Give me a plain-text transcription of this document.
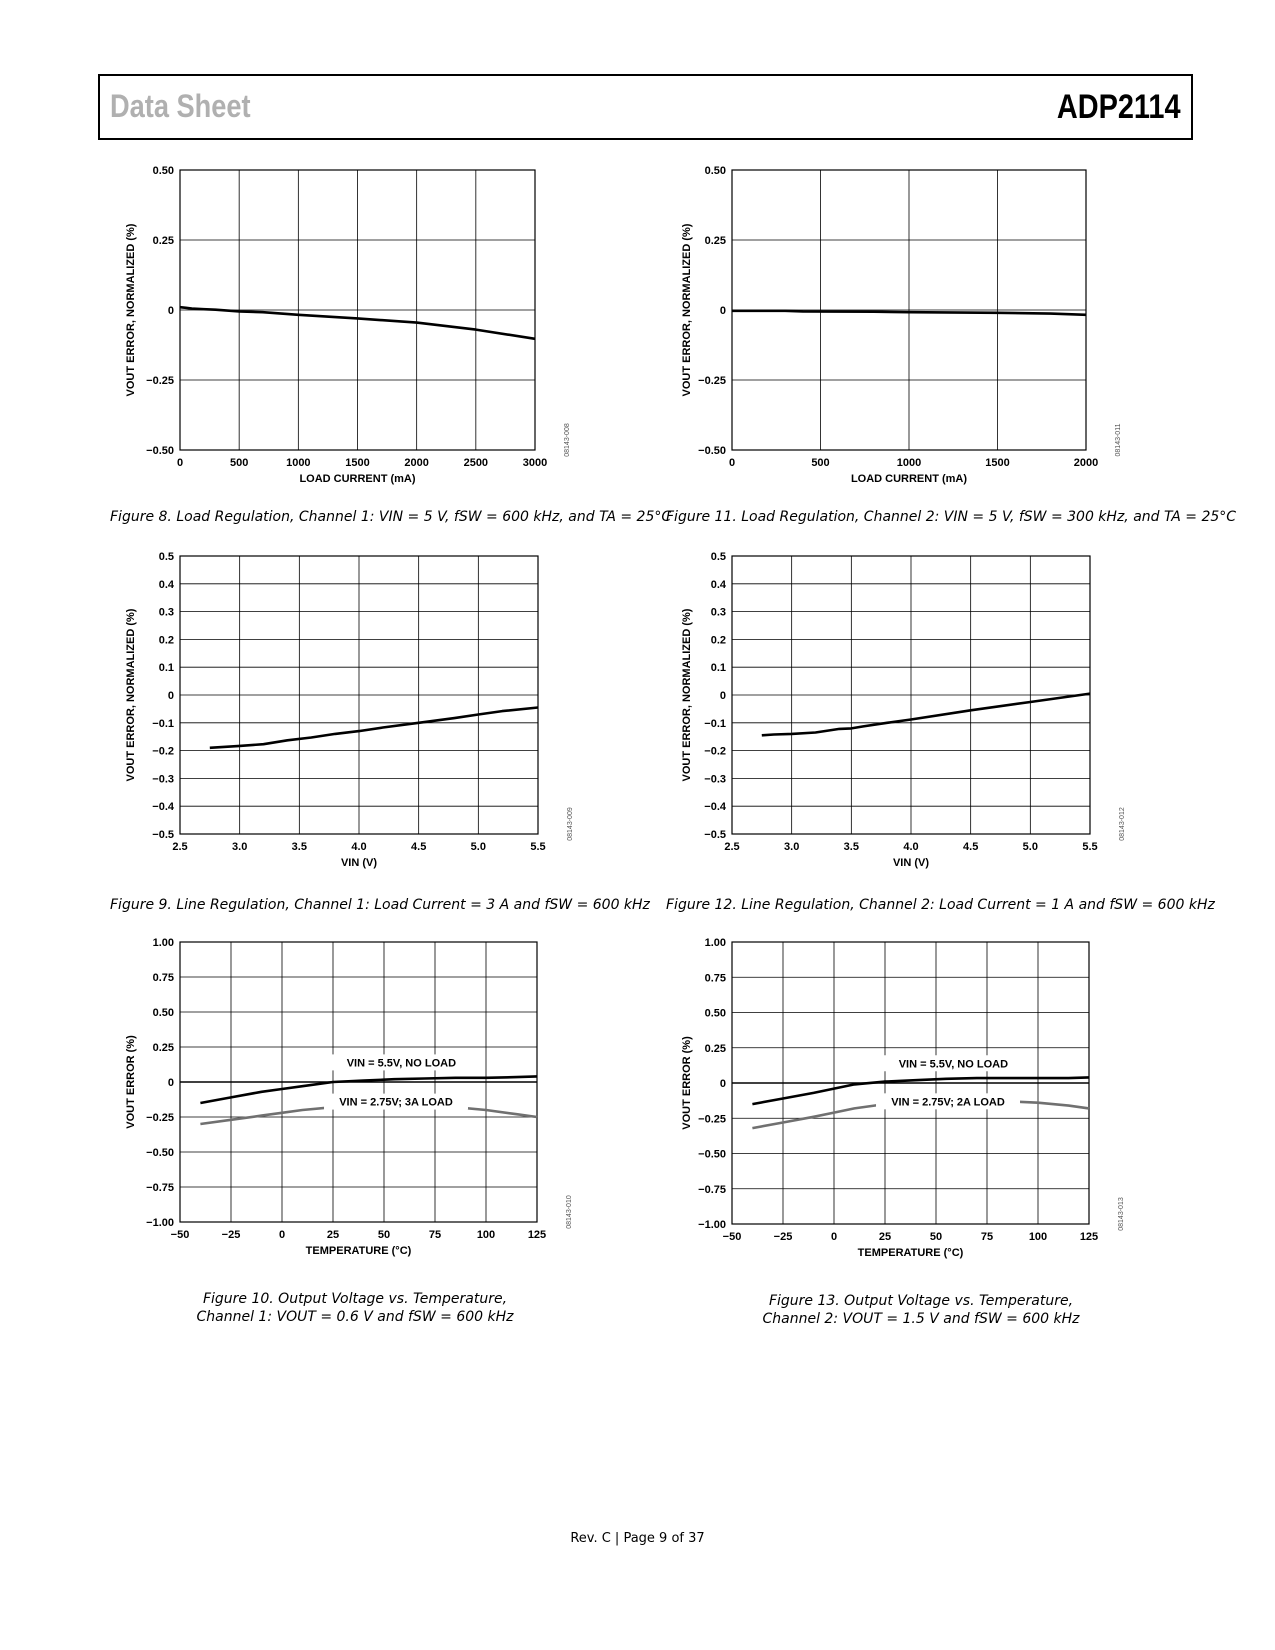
Data Sheet	ADP2114
0	500	1000	1500	2000	2500	3000
−0.50
−0.25
0
0.25
0.50
LOAD CURRENT (mA)
VOUT ERROR, NORMALIZED (%)
08143-008
0	500	1000	1500	2000
−0.50
−0.25
0
0.25
0.50
LOAD CURRENT (mA)
VOUT ERROR, NORMALIZED (%)
08143-011
2.5	3.0	3.5	4.0	4.5	5.0	5.5
−0.5
−0.4
−0.3
−0.2
−0.1
0
0.1
0.2
0.3
0.4
0.5
VIN (V)
VOUT ERROR, NORMALIZED (%)
08143-009
2.5	3.0	3.5	4.0	4.5	5.0	5.5
−0.5
−0.4
−0.3
−0.2
−0.1
0
0.1
0.2
0.3
0.4
0.5
VIN (V)
VOUT ERROR, NORMALIZED (%)
08143-012
−50	−25	0	25	50	75	100	125
−1.00
−0.75
−0.50
−0.25
0
0.25
0.50
0.75
1.00
VIN = 5.5V, NO LOAD
VIN = 2.75V; 3A LOAD
TEMPERATURE (°C)
VOUT ERROR (%)
08143-010
−50	−25	0	25	50	75	100	125
−1.00
−0.75
−0.50
−0.25
0
0.25
0.50
0.75
1.00
VIN = 5.5V, NO LOAD
VIN = 2.75V; 2A LOAD
TEMPERATURE (°C)
VOUT ERROR (%)
08143-013
Figure 8. Load Regulation, Channel 1: VIN = 5 V, fSW = 600 kHz, and TA = 25°C
Figure 11. Load Regulation, Channel 2: VIN = 5 V, fSW = 300 kHz, and TA = 25°C
Figure 9. Line Regulation, Channel 1: Load Current = 3 A and fSW = 600 kHz Figure 12. Line Regulation, Channel 2: Load Current = 1 A and fSW = 600 kHz
Figure 10. Output Voltage vs. Temperature,
Channel 1: VOUT = 0.6 V and fSW = 600 kHz
Figure 13. Output Voltage vs. Temperature,
Channel 2: VOUT = 1.5 V and fSW = 600 kHz
Rev. C | Page 9 of 37
